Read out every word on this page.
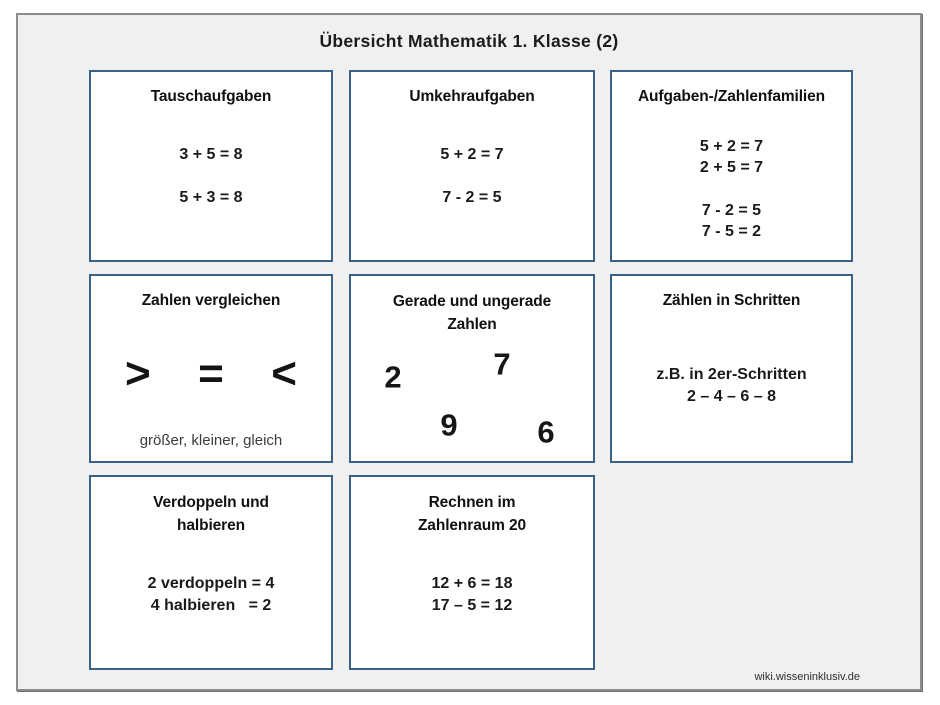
Übersicht Mathematik 1. Klasse (2)
Tauschaufgaben
3 + 5 = 8
5 + 3 = 8
Umkehraufgaben
5 + 2 = 7
7 - 2 = 5
Aufgaben-/Zahlenfamilien
5 + 2 = 7
2 + 5 = 7
7 - 2 = 5
7 - 5 = 2
Zahlen vergleichen
> = <
größer, kleiner, gleich
Gerade und ungerade
Zahlen
2	7
9	6
Zählen in Schritten
z.B. in 2er-Schritten
2 – 4 – 6 – 8
Verdoppeln und
halbieren
2 verdoppeln = 4
4 halbieren   = 2
Rechnen im
Zahlenraum 20
12 + 6 = 18
17 – 5 = 12
wiki.wisseninklusiv.de
